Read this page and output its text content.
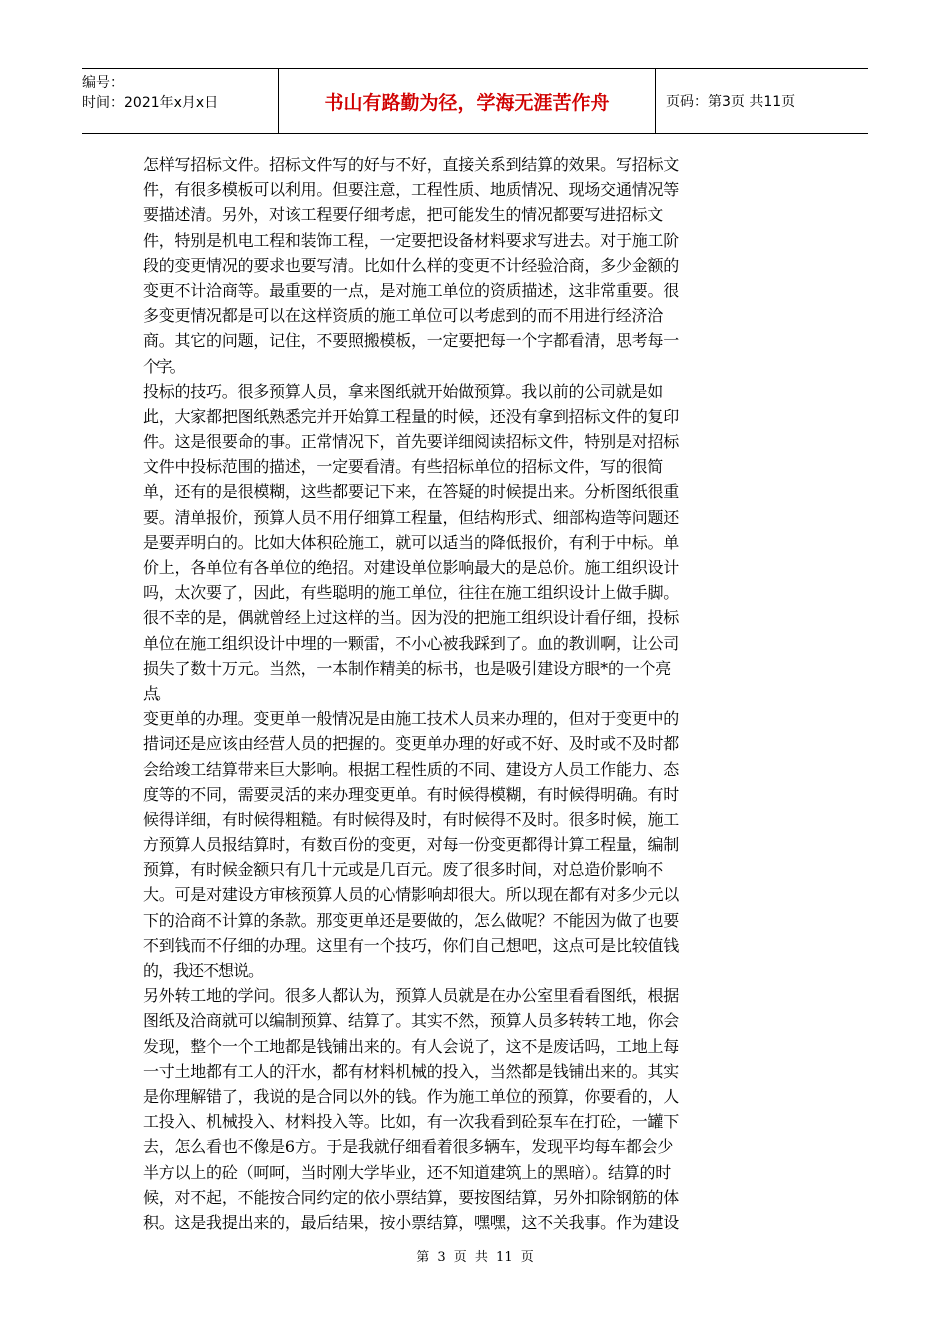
编号：
时间：2021年x月x日	书山有路勤为径，学海无涯苦作舟	页码：第3页 共11页
怎样写招标文件。招标文件写的好与不好，直接关系到结算的效果。写招标文
件，有很多模板可以利用。但要注意，工程性质、地质情况、现场交通情况等
要描述清。另外，对该工程要仔细考虑，把可能发生的情况都要写进招标文
件，特别是机电工程和装饰工程，一定要把设备材料要求写进去。对于施工阶
段的变更情况的要求也要写清。比如什么样的变更不计经验洽商，多少金额的
变更不计洽商等。最重要的一点，是对施工单位的资质描述，这非常重要。很
多变更情况都是可以在这样资质的施工单位可以考虑到的而不用进行经济洽
商。其它的问题，记住，不要照搬模板，一定要把每一个字都看清，思考每一
个字。
投标的技巧。很多预算人员，拿来图纸就开始做预算。我以前的公司就是如
此，大家都把图纸熟悉完并开始算工程量的时候，还没有拿到招标文件的复印
件。这是很要命的事。正常情况下，首先要详细阅读招标文件，特别是对招标
文件中投标范围的描述，一定要看清。有些招标单位的招标文件，写的很简
单，还有的是很模糊，这些都要记下来，在答疑的时候提出来。分析图纸很重
要。清单报价，预算人员不用仔细算工程量，但结构形式、细部构造等问题还
是要弄明白的。比如大体积砼施工，就可以适当的降低报价，有利于中标。单
价上，各单位有各单位的绝招。对建设单位影响最大的是总价。施工组织设计
吗，太次要了，因此，有些聪明的施工单位，往往在施工组织设计上做手脚。
很不幸的是，偶就曾经上过这样的当。因为没的把施工组织设计看仔细，投标
单位在施工组织设计中埋的一颗雷，不小心被我踩到了。血的教训啊，让公司
损失了数十万元。当然，一本制作精美的标书，也是吸引建设方眼*的一个亮
点。
变更单的办理。变更单一般情况是由施工技术人员来办理的，但对于变更中的
措词还是应该由经营人员的把握的。变更单办理的好或不好、及时或不及时都
会给竣工结算带来巨大影响。根据工程性质的不同、建设方人员工作能力、态
度等的不同，需要灵活的来办理变更单。有时候得模糊，有时候得明确。有时
候得详细，有时候得粗糙。有时候得及时，有时候得不及时。很多时候，施工
方预算人员报结算时，有数百份的变更，对每一份变更都得计算工程量，编制
预算，有时候金额只有几十元或是几百元。废了很多时间，对总造价影响不
大。可是对建设方审核预算人员的心情影响却很大。所以现在都有对多少元以
下的洽商不计算的条款。那变更单还是要做的，怎么做呢？不能因为做了也要
不到钱而不仔细的办理。这里有一个技巧，你们自己想吧，这点可是比较值钱
的，我还不想说。
另外转工地的学问。很多人都认为，预算人员就是在办公室里看看图纸，根据
图纸及洽商就可以编制预算、结算了。其实不然，预算人员多转转工地，你会
发现，整个一个工地都是钱铺出来的。有人会说了，这不是废话吗，工地上每
一寸土地都有工人的汗水，都有材料机械的投入，当然都是钱铺出来的。其实
是你理解错了，我说的是合同以外的钱。作为施工单位的预算，你要看的，人
工投入、机械投入、材料投入等。比如，有一次我看到砼泵车在打砼，一罐下
去，怎么看也不像是6方。于是我就仔细看着很多辆车，发现平均每车都会少
半方以上的砼（呵呵，当时刚大学毕业，还不知道建筑上的黑暗）。结算的时
候，对不起，不能按合同约定的依小票结算，要按图结算，另外扣除钢筋的体
积。这是我提出来的，最后结果，按小票结算，嘿嘿，这不关我事。作为建设
第 3 页 共 11 页
